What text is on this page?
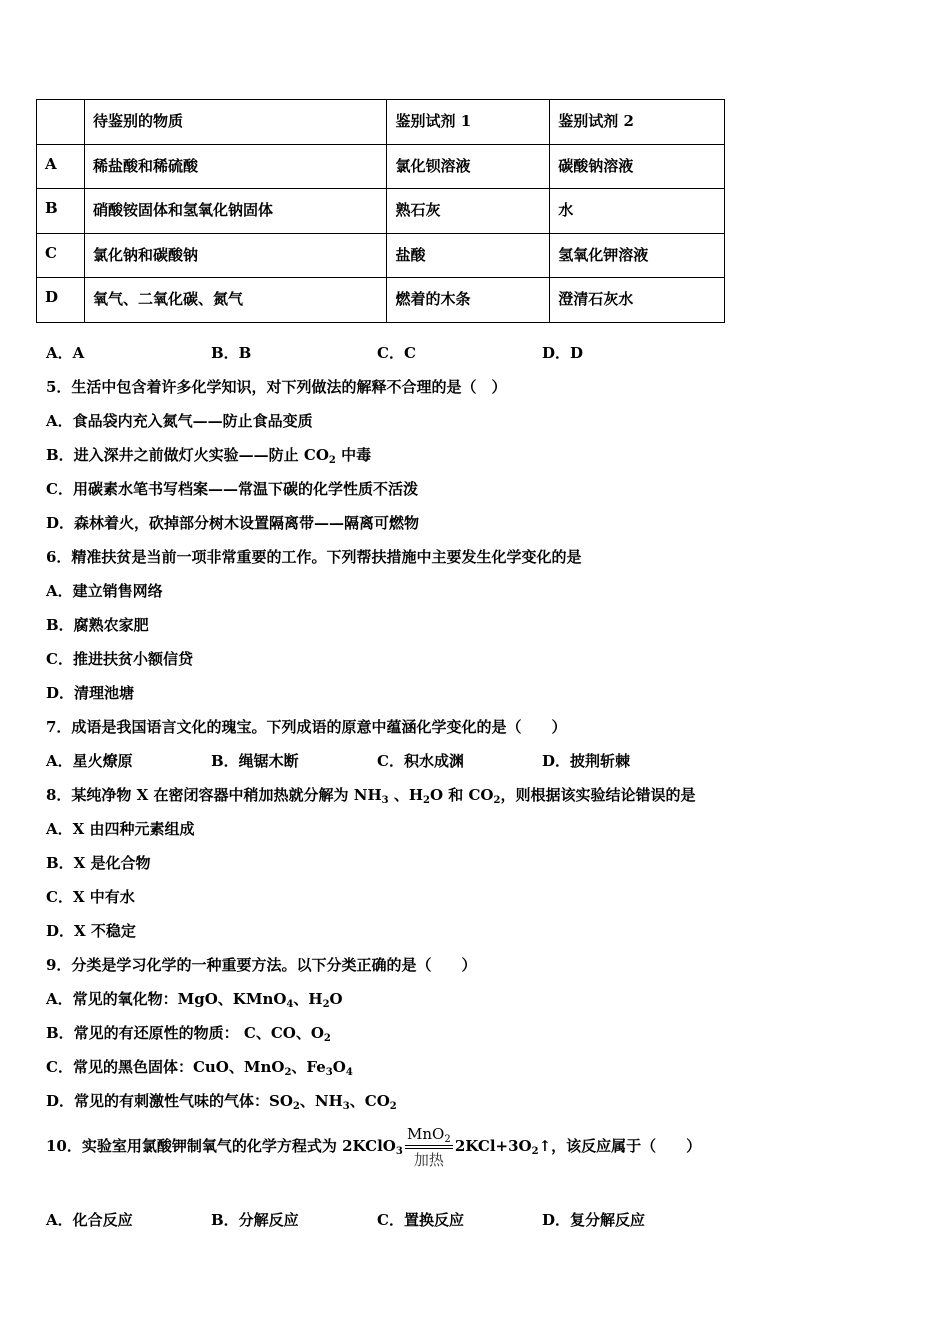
	待鉴别的物质	鉴别试剂 1	鉴别试剂 2
A	稀盐酸和稀硫酸	氯化钡溶液	碳酸钠溶液
B	硝酸铵固体和氢氧化钠固体	熟石灰	水
C	氯化钠和碳酸钠	盐酸	氢氧化钾溶液
D	氧气、二氧化碳、氮气	燃着的木条	澄清石灰水
A．A	B．B	C．C	D．D
5．生活中包含着许多化学知识，对下列做法的解释不合理的是（　）
A．食品袋内充入氮气——防止食品变质
B．进入深井之前做灯火实验——防止 $CO_2$ 中毒
C．用碳素水笔书写档案——常温下碳的化学性质不活泼
D．森林着火，砍掉部分树木设置隔离带——隔离可燃物
6．精准扶贫是当前一项非常重要的工作。下列帮扶措施中主要发生化学变化的是
A．建立销售网络
B．腐熟农家肥
C．推进扶贫小额信贷
D．清理池塘
7．成语是我国语言文化的瑰宝。下列成语的原意中蕴涵化学变化的是（　　）
A．星火燎原	B．绳锯木断	C．积水成渊	D．披荆斩棘
8．某纯净物 X 在密闭容器中稍加热就分解为 $NH_3$ 、$H_2O$ 和 $CO_2$，则根据该实验结论错误的是
A．X 由四种元素组成
B．X 是化合物
C．X 中有水
D．X 不稳定
9．分类是学习化学的一种重要方法。以下分类正确的是（　　）
A．常见的氧化物：MgO、KMnO$_4$、$H_2O$
B．常见的有还原性的物质： C、CO、$O_2$
C．常见的黑色固体：CuO、MnO$_2$、$Fe_3O_4$
D．常见的有刺激性气味的气体：$SO_2$、$NH_3$、$CO_2$
10．实验室用氯酸钾制氧气的化学方程式为 2KClO$_3$ $\frac{MnO_2}{\text{加热}}$ $2KCl+3O_2↑$，该反应属于（　　）
A．化合反应	B．分解反应	C．置换反应	D．复分解反应
